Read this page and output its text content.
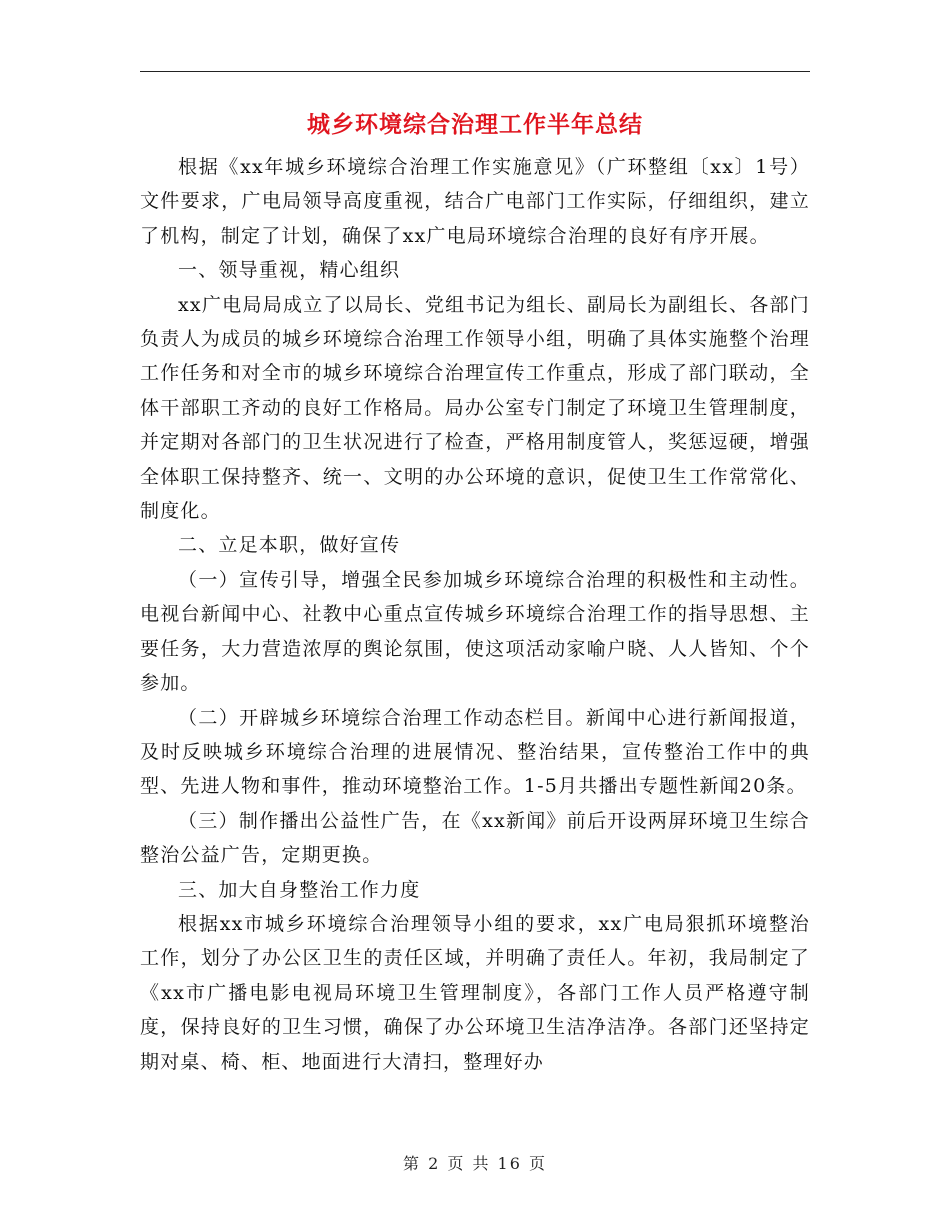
城乡环境综合治理工作半年总结

根据《xx年城乡环境综合治理工作实施意见》（广环整组〔xx〕1号）文件要求，广电局领导高度重视，结合广电部门工作实际，仔细组织，建立了机构，制定了计划，确保了xx广电局环境综合治理的良好有序开展。

一、领导重视，精心组织

xx广电局局成立了以局长、党组书记为组长、副局长为副组长、各部门负责人为成员的城乡环境综合治理工作领导小组，明确了具体实施整个治理工作任务和对全市的城乡环境综合治理宣传工作重点，形成了部门联动，全体干部职工齐动的良好工作格局。局办公室专门制定了环境卫生管理制度，并定期对各部门的卫生状况进行了检查，严格用制度管人，奖惩逗硬，增强全体职工保持整齐、统一、文明的办公环境的意识，促使卫生工作常常化、制度化。

二、立足本职，做好宣传

（一）宣传引导，增强全民参加城乡环境综合治理的积极性和主动性。电视台新闻中心、社教中心重点宣传城乡环境综合治理工作的指导思想、主要任务，大力营造浓厚的舆论氛围，使这项活动家喻户晓、人人皆知、个个参加。

（二）开辟城乡环境综合治理工作动态栏目。新闻中心进行新闻报道，及时反映城乡环境综合治理的进展情况、整治结果，宣传整治工作中的典型、先进人物和事件，推动环境整治工作。1-5月共播出专题性新闻20条。

（三）制作播出公益性广告，在《xx新闻》前后开设两屏环境卫生综合整治公益广告，定期更换。

三、加大自身整治工作力度

根据xx市城乡环境综合治理领导小组的要求，xx广电局狠抓环境整治工作，划分了办公区卫生的责任区域，并明确了责任人。年初，我局制定了《xx市广播电影电视局环境卫生管理制度》，各部门工作人员严格遵守制度，保持良好的卫生习惯，确保了办公环境卫生洁净洁净。各部门还坚持定期对桌、椅、柜、地面进行大清扫，整理好办

第 2 页 共 16 页
